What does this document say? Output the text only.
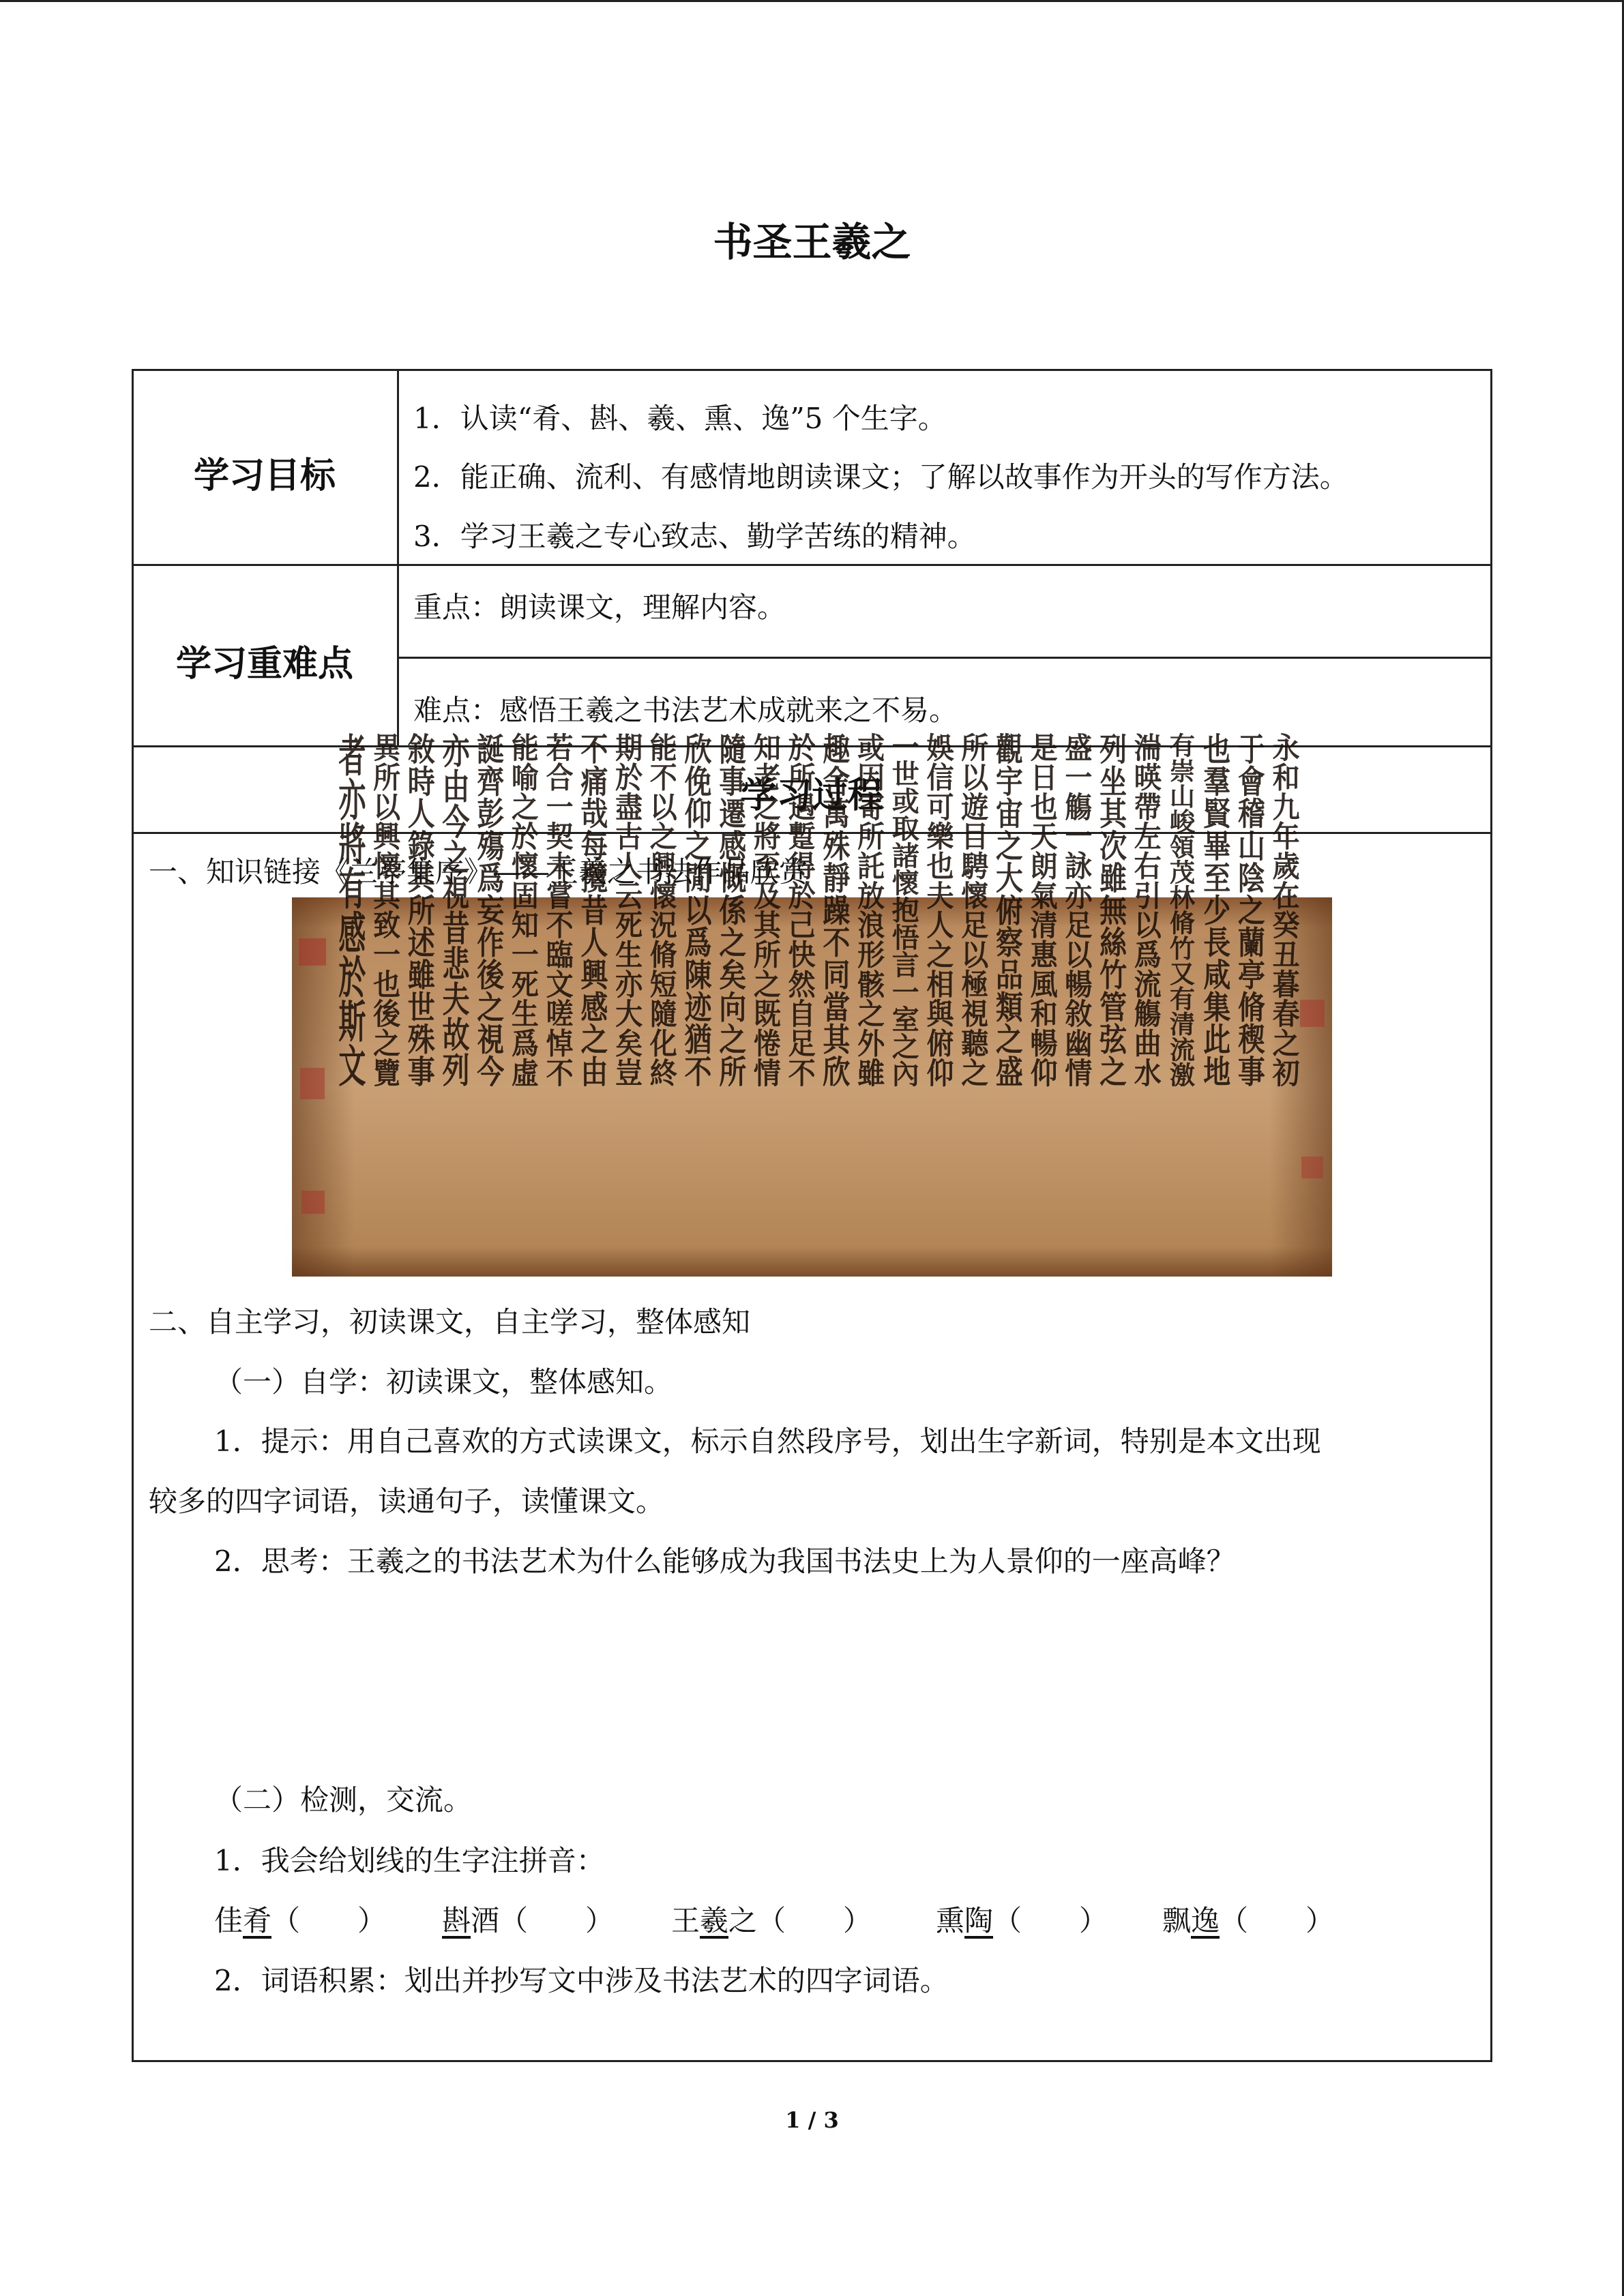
书圣王羲之
学习目标
1．认读“肴、斟、羲、熏、逸”5 个生字。
2．能正确、流利、有感情地朗读课文；了解以故事作为开头的写作方法。
3．学习王羲之专心致志、勤学苦练的精神。
学习重难点
重点：朗读课文，理解内容。
难点：感悟王羲之书法艺术成就来之不易。
学习过程
一、知识链接《兰亭集序》——王羲之书法作品欣赏	永和九年歲在癸丑暮春之初
于會稽山陰之蘭亭脩稧事
也羣賢畢至少長咸集此地
有崇山峻領茂林脩竹又有清流激
湍暎帶左右引以爲流觴曲水
列坐其次雖無絲竹管弦之
盛一觴一詠亦足以暢敘幽情
是日也天朗氣清惠風和暢仰
觀宇宙之大俯察品類之盛
所以遊目騁懷足以極視聽之
娛信可樂也夫人之相與俯仰
一世或取諸懷抱悟言一室之內
或因寄所託放浪形骸之外雖
趣舍萬殊靜躁不同當其欣
於所遇蹔得於己快然自足不
知老之將至及其所之既惓情
隨事遷感慨係之矣向之所
欣俛仰之閒以爲陳迹猶不
能不以之興懷況脩短隨化終
期於盡古人云死生亦大矣豈
不痛哉每攬昔人興感之由
若合一契未嘗不臨文嗟悼不
能喻之於懷固知一死生爲虛
誕齊彭殤爲妄作後之視今
亦由今之視昔悲夫故列
敘時人錄其所述雖世殊事
異所以興懷其致一也後之覽
者亦將有感於斯文
二、自主学习，初读课文，自主学习，整体感知
（一）自学：初读课文，整体感知。
1．提示：用自己喜欢的方式读课文，标示自然段序号，划出生字新词，特别是本文出现
较多的四字词语，读通句子，读懂课文。
2．思考：王羲之的书法艺术为什么能够成为我国书法史上为人景仰的一座高峰？
（二）检测，交流。
1．我会给划线的生字注拼音：
佳肴（　　） 斟酒（　　） 王羲之（　　） 熏陶（　　） 飘逸（　　）
2．词语积累：划出并抄写文中涉及书法艺术的四字词语。
1 / 3
